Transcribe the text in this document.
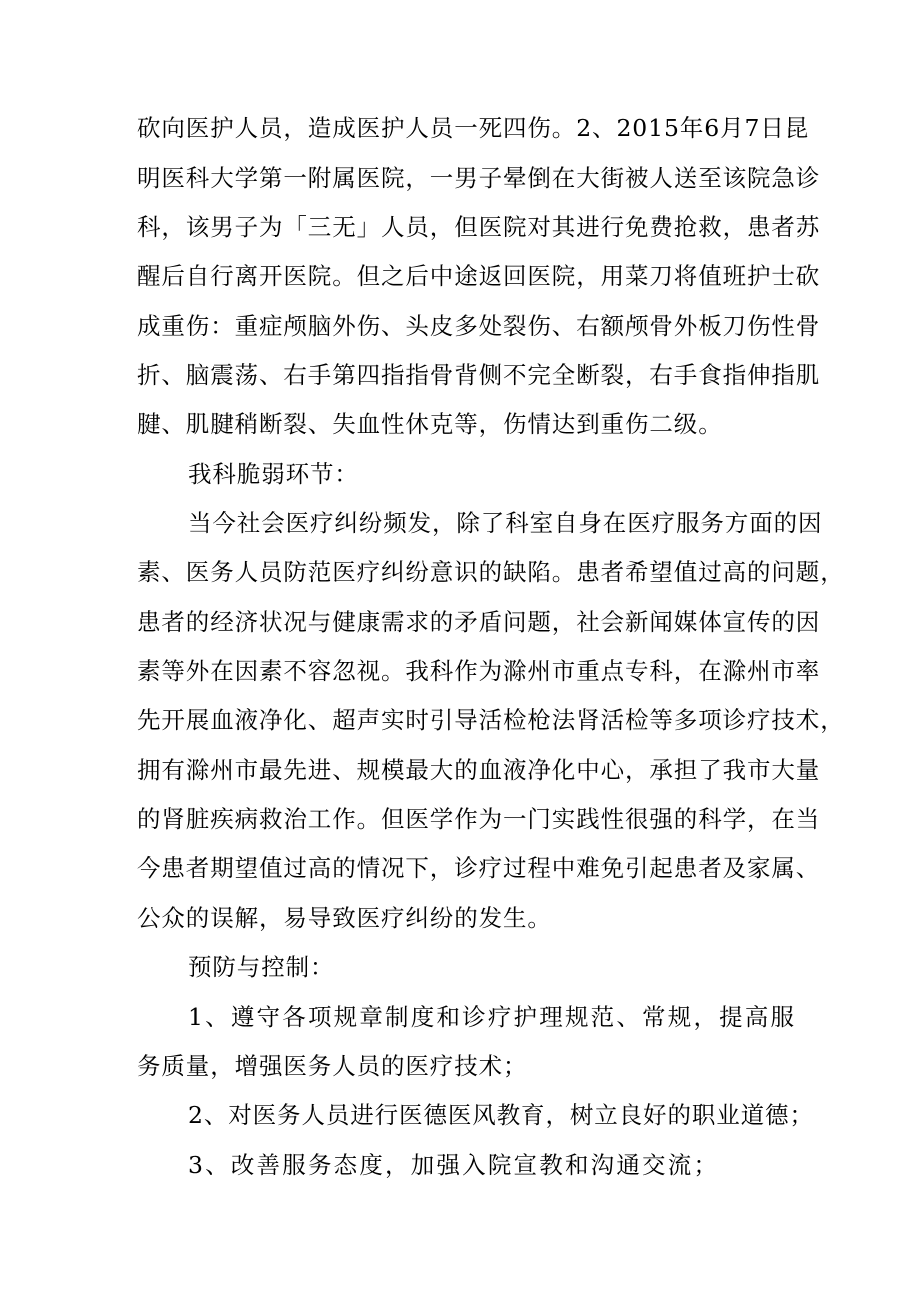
砍向医护人员，造成医护人员一死四伤。2、2015年6月7日昆
明医科大学第一附属医院，一男子晕倒在大街被人送至该院急诊
科，该男子为「三无」人员，但医院对其进行免费抢救，患者苏
醒后自行离开医院。但之后中途返回医院，用菜刀将值班护士砍
成重伤：重症颅脑外伤、头皮多处裂伤、右额颅骨外板刀伤性骨
折、脑震荡、右手第四指指骨背侧不完全断裂，右手食指伸指肌
腱、肌腱稍断裂、失血性休克等，伤情达到重伤二级。
我科脆弱环节：
当今社会医疗纠纷频发，除了科室自身在医疗服务方面的因
素、医务人员防范医疗纠纷意识的缺陷。患者希望值过高的问题，
患者的经济状况与健康需求的矛盾问题，社会新闻媒体宣传的因
素等外在因素不容忽视。我科作为滁州市重点专科，在滁州市率
先开展血液净化、超声实时引导活检枪法肾活检等多项诊疗技术，
拥有滁州市最先进、规模最大的血液净化中心，承担了我市大量
的肾脏疾病救治工作。但医学作为一门实践性很强的科学，在当
今患者期望值过高的情况下，诊疗过程中难免引起患者及家属、
公众的误解，易导致医疗纠纷的发生。
预防与控制：
1、遵守各项规章制度和诊疗护理规范、常规，提高服
务质量，增强医务人员的医疗技术；
2、对医务人员进行医德医风教育，树立良好的职业道德；
3、改善服务态度，加强入院宣教和沟通交流；
